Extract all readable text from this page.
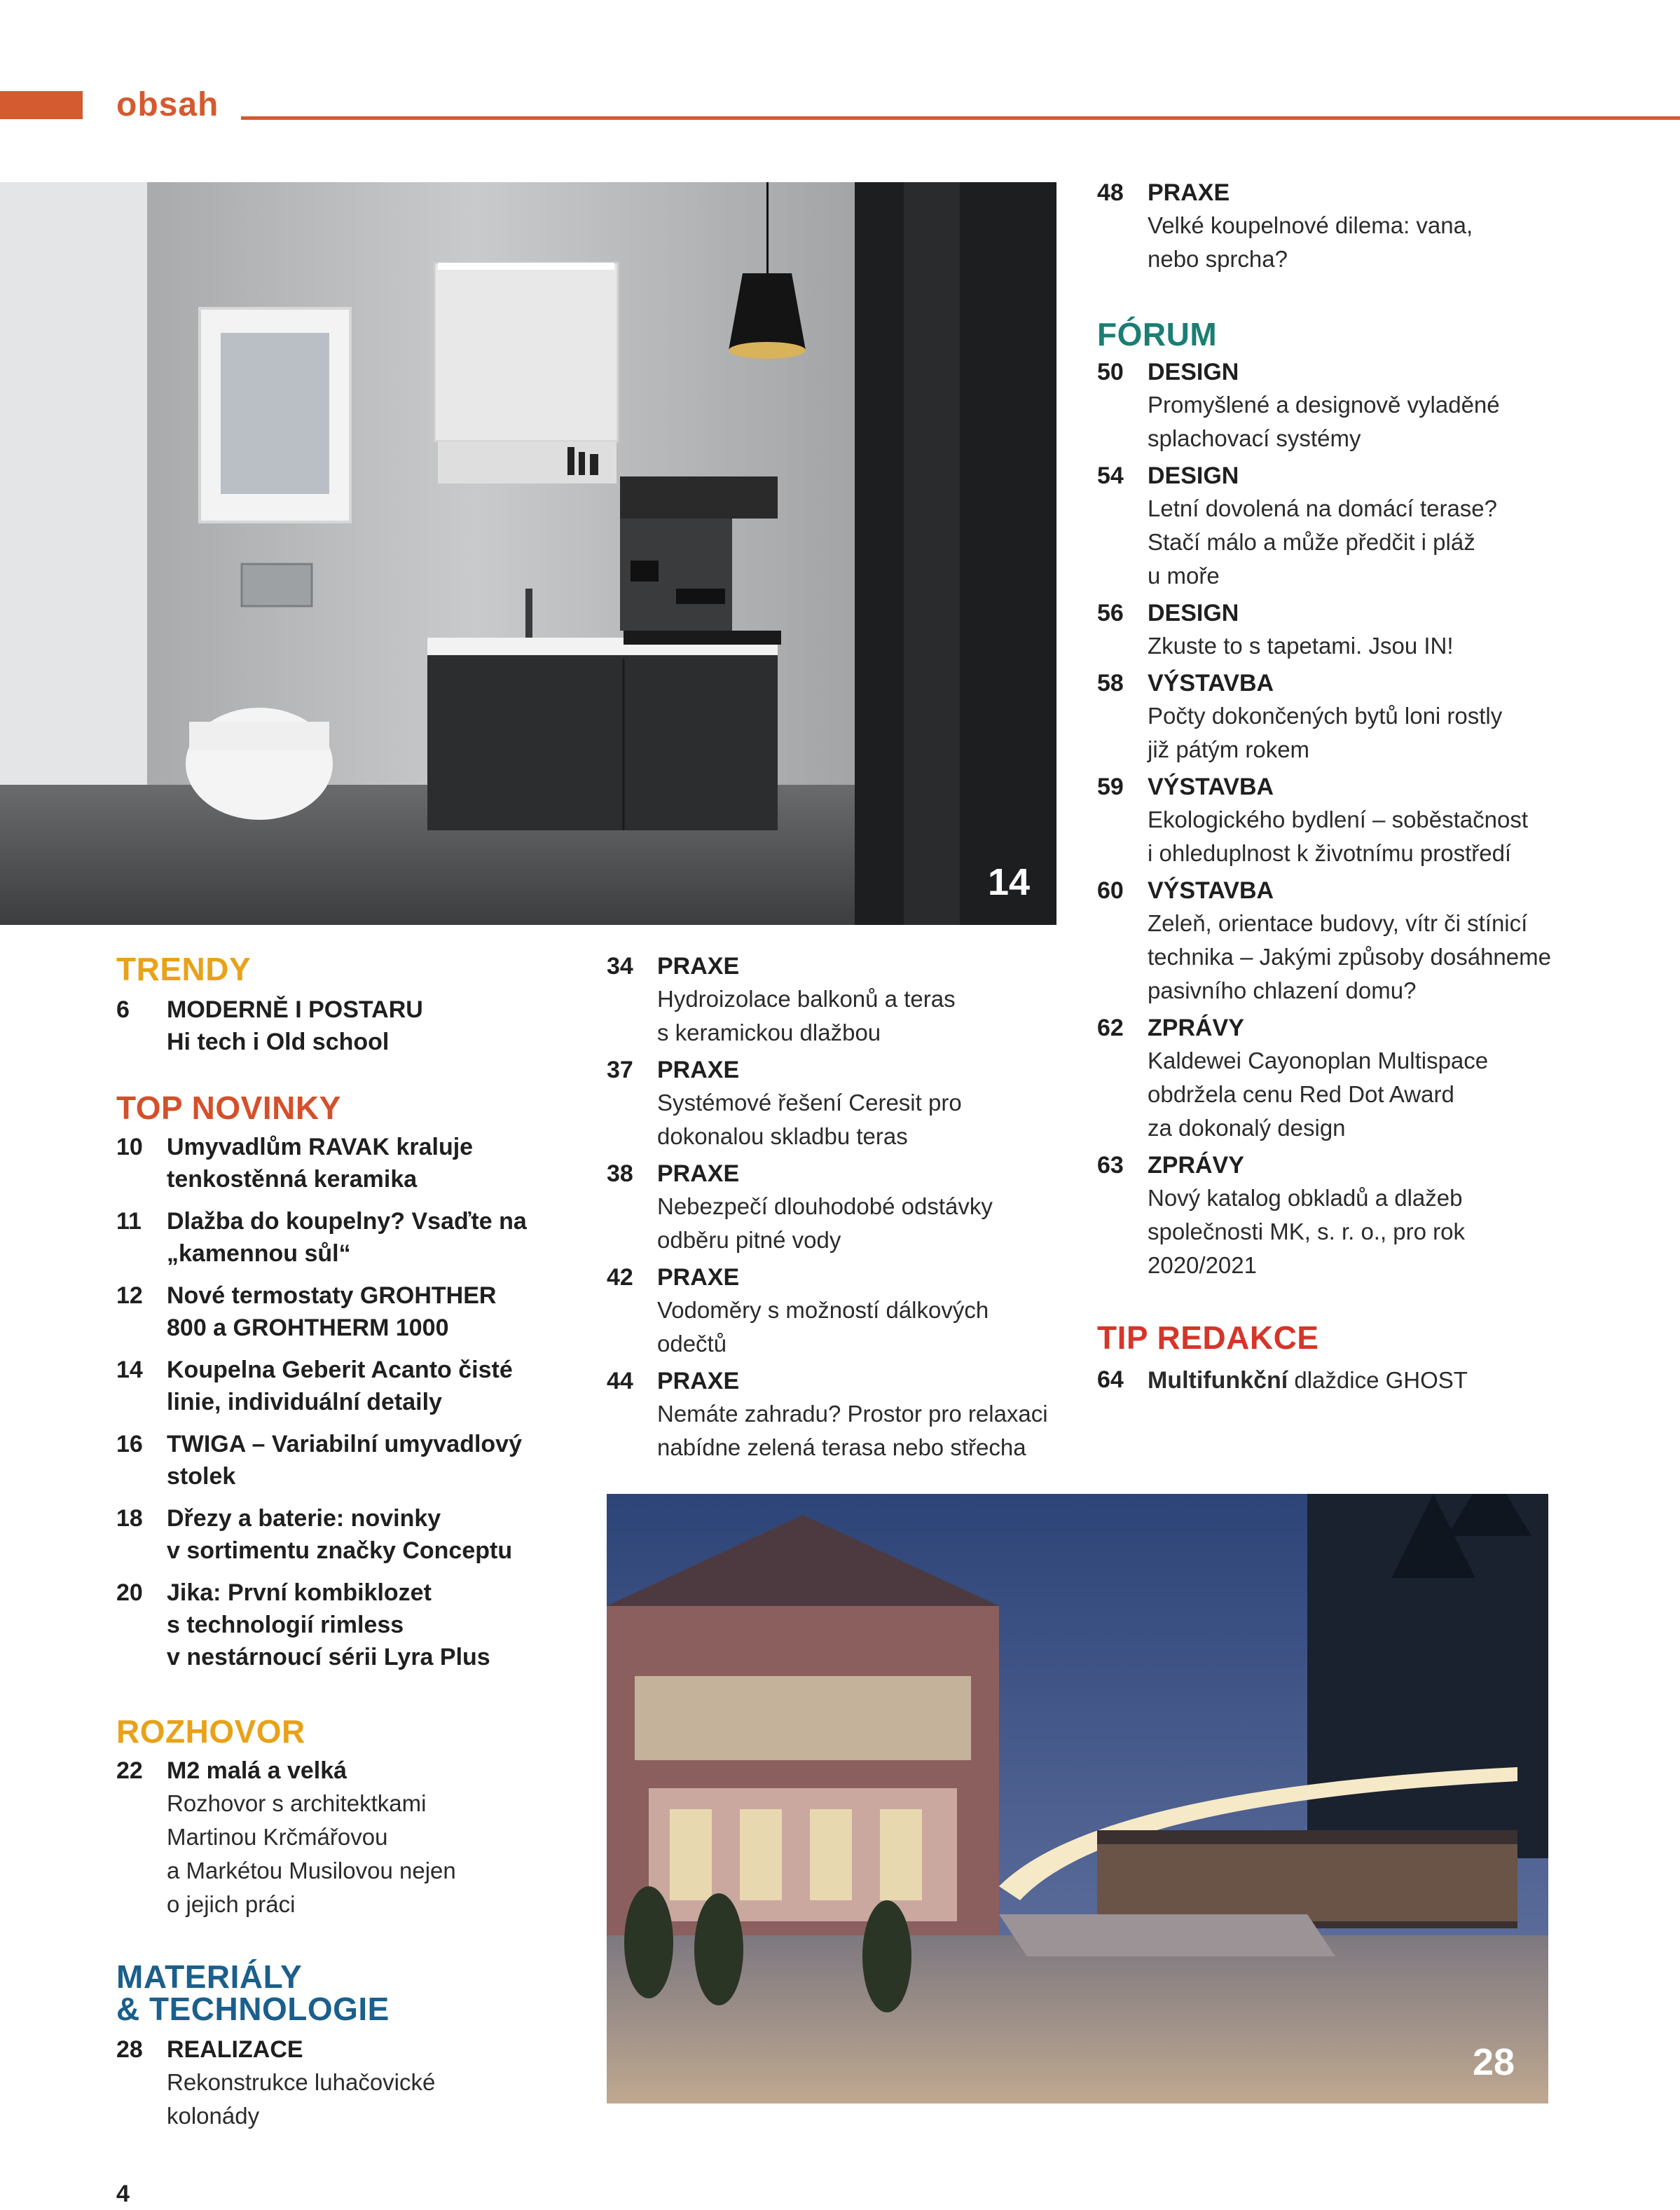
obsah
14
28
TRENDY
6 MODERNĚ I POSTARU
Hi tech i Old school
TOP NOVINKY
10 Umyvadlům RAVAK kraluje
tenkostěnná keramika
11 Dlažba do koupelny? Vsaďte na
„kamennou sůl“
12 Nové termostaty GROHTHER
800 a GROHTHERM 1000
14 Koupelna Geberit Acanto čisté
linie, individuální detaily
16 TWIGA – Variabilní umyvadlový
stolek
18 Dřezy a baterie: novinky
v sortimentu značky Conceptu
20 Jika: První kombiklozet
s technologií rimless
v nestárnoucí sérii Lyra Plus
ROZHOVOR
22 M2 malá a velká
Rozhovor s architektkami
Martinou Krčmářovou
a Markétou Musilovou nejen
o jejich práci
MATERIÁLY
& TECHNOLOGIE
28 REALIZACE
Rekonstrukce luhačovické
kolonády
34 PRAXE
Hydroizolace balkonů a teras
s keramickou dlažbou
37 PRAXE
Systémové řešení Ceresit pro
dokonalou skladbu teras
38 PRAXE
Nebezpečí dlouhodobé odstávky
odběru pitné vody
42 PRAXE
Vodoměry s možností dálkových
odečtů
44 PRAXE
Nemáte zahradu? Prostor pro relaxaci
nabídne zelená terasa nebo střecha
48 PRAXE
Velké koupelnové dilema: vana,
nebo sprcha?
FÓRUM
50 DESIGN
Promyšlené a designově vyladěné
splachovací systémy
54 DESIGN
Letní dovolená na domácí terase?
Stačí málo a může předčit i pláž
u moře
56 DESIGN
Zkuste to s tapetami. Jsou IN!
58 VÝSTAVBA
Počty dokončených bytů loni rostly
již pátým rokem
59 VÝSTAVBA
Ekologického bydlení – soběstačnost
i ohleduplnost k životnímu prostředí
60 VÝSTAVBA
Zeleň, orientace budovy, vítr či stínicí
technika – Jakými způsoby dosáhneme
pasivního chlazení domu?
62 ZPRÁVY
Kaldewei Cayonoplan Multispace
obdržela cenu Red Dot Award
za dokonalý design
63 ZPRÁVY
Nový katalog obkladů a dlažeb
společnosti MK, s. r. o., pro rok
2020/2021
TIP REDAKCE
64 Multifunkční dlaždice GHOST
4
